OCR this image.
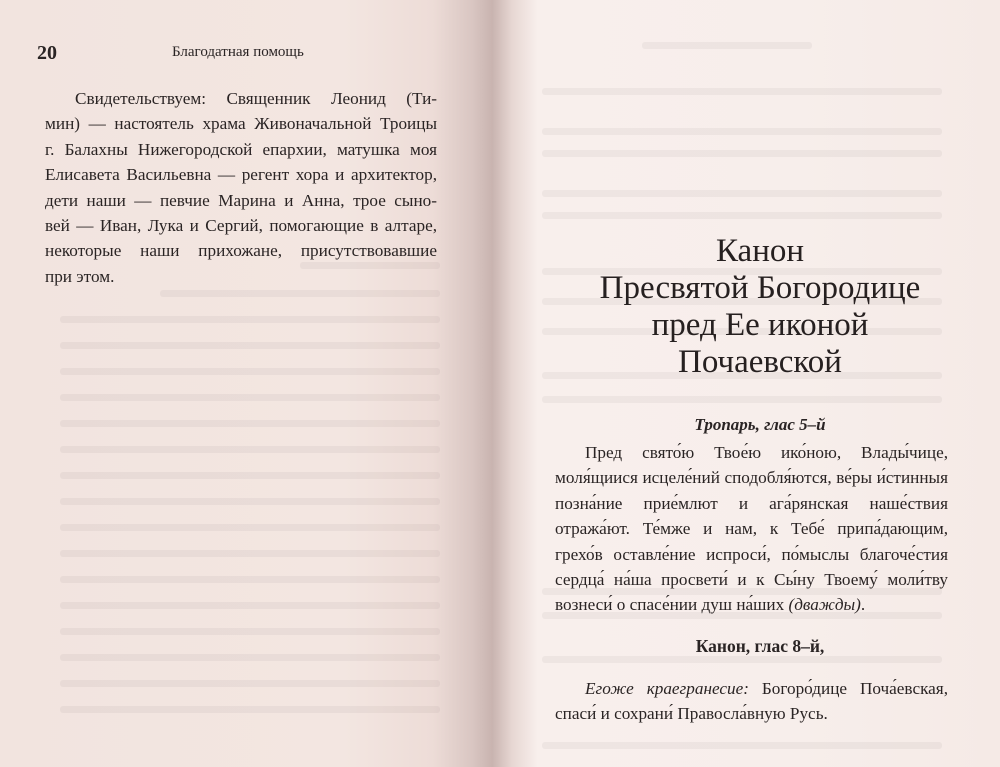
20	Благодатная помощь
Свидетельствуем: Священник Леонид (Ти-
мин) — настоятель храма Живоначальной Троицы
г. Балахны Нижегородской епархии, матушка моя
Елисавета Васильевна — регент хора и архитектор,
дети наши — певчие Марина и Анна, трое сыно-
вей — Иван, Лука и Сергий, помогающие в алтаре,
некоторые наши прихожане, присутствовавшие
при этом.
Канон
Пресвятой Богородице
пред Ее иконой
Почаевской
Тропарь, глас 5–й

Пред свято́ю Твое́ю ико́ною, Влады́чице, моля́щиися исцеле́ний сподобля́ются, ве́ры и́стинныя позна́ние прие́млют и ага́рянская наше́ствия отража́ют. Те́мже и нам, к Тебе́ припа́дающим, грехо́в оставле́ние испроси́, по́мыслы благоче́стия сердца́ на́ша просвети́ и к Сы́ну Твоему́ моли́тву вознеси́ о спасе́нии душ на́ших (дважды).

Канон, глас 8–й,

Егоже краегранесие: Богоро́дице Поча́евская, спаси́ и сохрани́ Правосла́вную Русь.
